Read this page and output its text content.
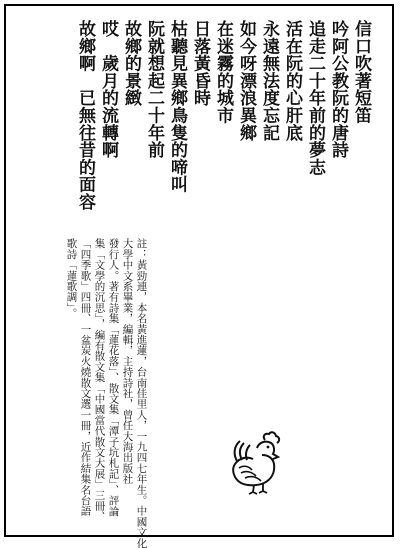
信口吹著短笛
吟阿公教阮的唐詩
追走二十年前的夢志
活在阮的心肝底
永遠無法度忘記
如今呀漂浪異鄉
在迷霧的城市
日落黃昏時
枯聽見異鄉鳥隻的啼叫
阮就想起二十年前
故鄉的景緻
哎　歲月的流轉啊
故鄉啊　已無往昔的面容
註：黃勁連，本名黃進蓮，台南佳里人，一九四七年生。中國文化
大學中文系畢業，編輯，主持詩社，曾任大海出版社
發行人。著有詩集「蓮花落」、散文集「潭子坑札記」、評論
集「文學的沉思」，編有散文集「中國當代散文大展」三冊、
「四季歌」四冊、一盆炭火燒散文選一冊，近作結集名台語
歌詩「蓮歌調」。
